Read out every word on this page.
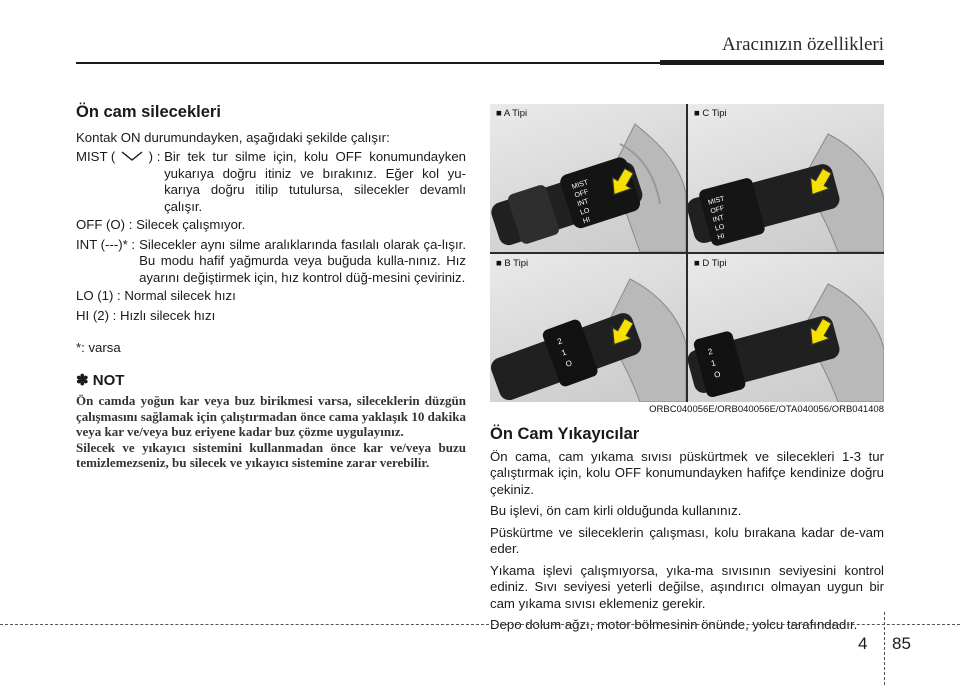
Aracınızın özellikleri
Ön cam silecekleri
Kontak ON durumundayken, aşağıdaki şekilde çalışır:
MIST (	) : Bir tek tur silme için, kolu OFF konumundayken yukarıya doğru itiniz ve bırakınız. Eğer kol yu-karıya doğru itilip tutulursa, silecekler devamlı çalışır.
OFF (O) : Silecek çalışmıyor.
INT (---)* : Silecekler aynı silme aralıklarında fasılalı olarak ça-lışır. Bu modu hafif yağmurda veya buğuda kulla-nınız. Hız ayarını değiştirmek için, hız kontrol düğ-mesini çeviriniz.
LO (1) : Normal silecek hızı
HI (2) : Hızlı silecek hızı
*: varsa
✽ NOT
Ön camda yoğun kar veya buz birikmesi varsa, sileceklerin düzgün çalışmasını sağlamak için çalıştırmadan önce cama yaklaşık 10 dakika veya kar ve/veya buz eriyene kadar buz çözme uygulayınız.
Silecek ve yıkayıcı sistemini kullanmadan önce kar ve/veya buzu temizlemezseniz, bu silecek ve yıkayıcı sistemine zarar verebilir.
■ A Tipi
MIST
OFF
INT
LO
HI
■ C Tipi
MIST
OFF
INT
LO
HI
■ B Tipi
2
1
O
■ D Tipi
2
1
O
ORBC040056E/ORB040056E/OTA040056/ORB041408
Ön Cam Yıkayıcılar
Ön cama, cam yıkama sıvısı püskürtmek ve silecekleri 1-3 tur çalıştırmak için, kolu OFF konumundayken hafifçe kendinize doğru çekiniz.
Bu işlevi, ön cam kirli olduğunda kullanınız.
Püskürtme ve sileceklerin çalışması, kolu bırakana kadar de-vam eder.
Yıkama işlevi çalışmıyorsa, yıka-ma sıvısının seviyesini kontrol ediniz. Sıvı seviyesi yeterli değilse, aşındırıcı olmayan uygun bir cam yıkama sıvısı eklemeniz gerekir.
Depo dolum ağzı, motor bölmesinin önünde, yolcu tarafındadır.
4 85
